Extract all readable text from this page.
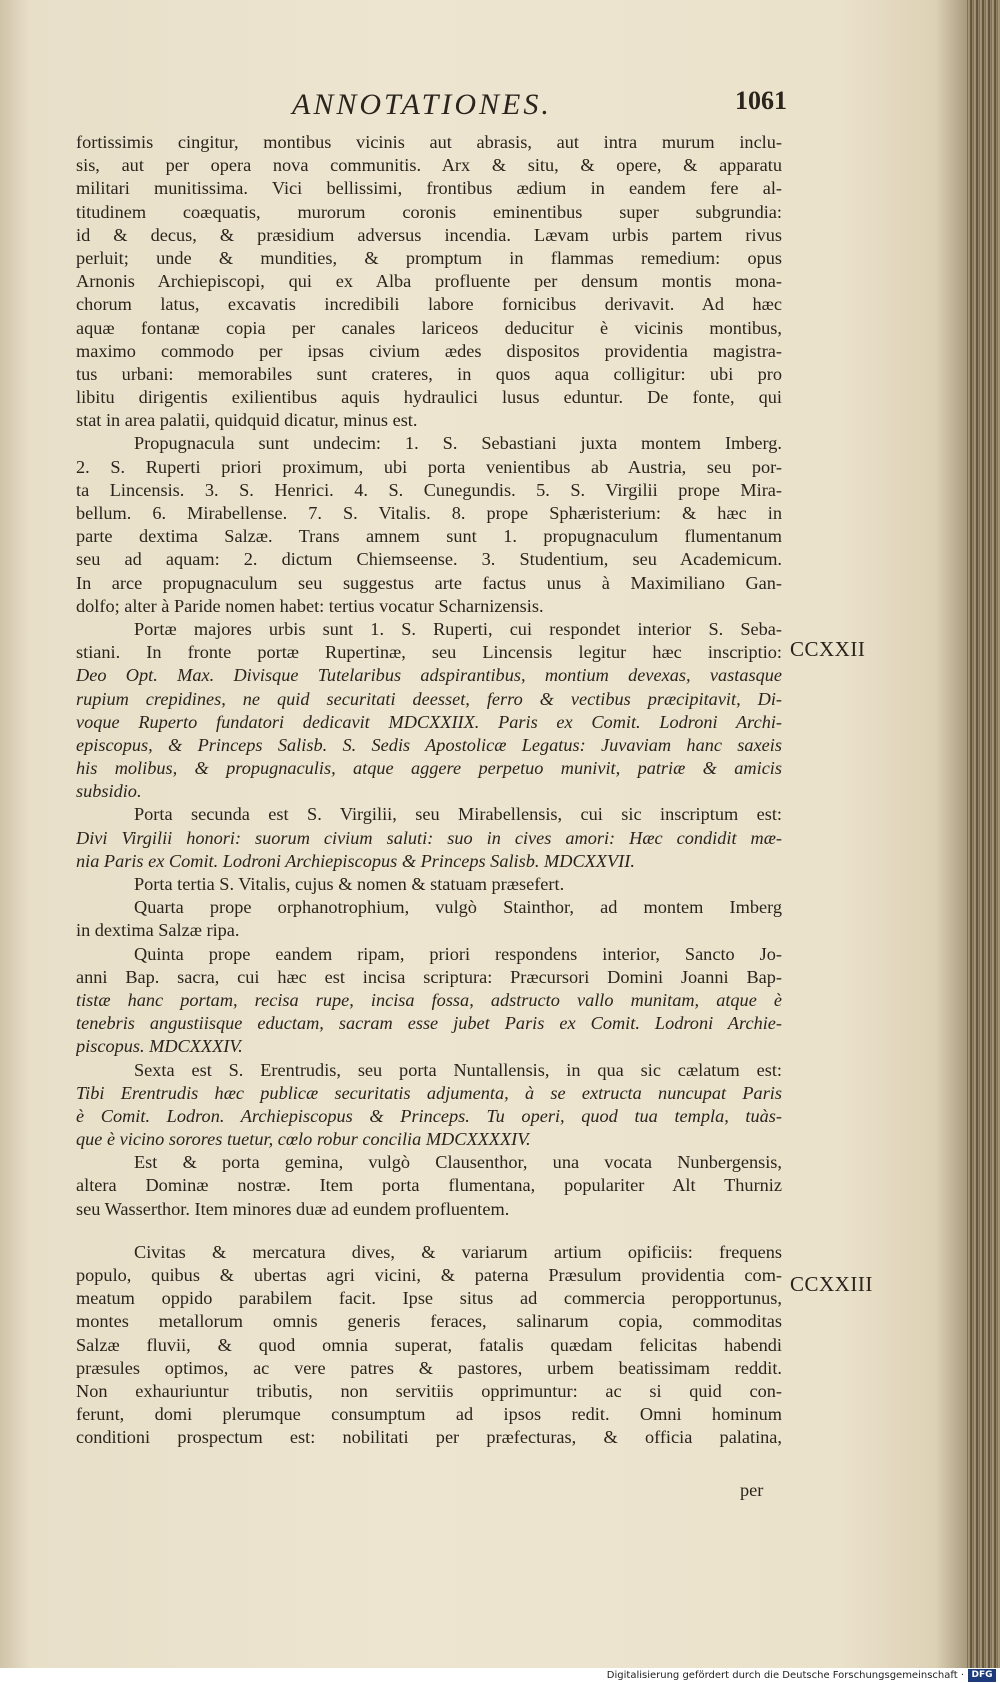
ANNOTATIONES.	1061
fortissimis cingitur, montibus vicinis aut abrasis, aut intra murum inclu-
sis, aut per opera nova communitis. Arx & situ, & opere, & apparatu
militari munitissima. Vici bellissimi, frontibus ædium in eandem fere al-
titudinem coæquatis, murorum coronis eminentibus super subgrundia:
id & decus, & præsidium adversus incendia. Lævam urbis partem rivus
perluit; unde & munditіes, & promptum in flammas remedium: opus
Arnonis Archiepiscopi, qui ex Alba profluente per densum montis mona-
chorum latus, excavatis incredibili labore fornicibus derivavit. Ad hæc
aquæ fontanæ copia per canales lariceos deducitur è vicinis montibus,
maximo commodo per ipsas civium ædes dispositos providentia magistra-
tus urbani: memorabiles sunt crateres, in quos aqua colligitur: ubi pro
libitu dirigentis exilientibus aquis hydraulici lusus eduntur. De fonte, qui
stat in area palatii, quidquid dicatur, minus est.
Propugnacula sunt undecim: 1. S. Sebastiani juxta montem Imberg.
2. S. Ruperti priori proximum, ubi porta venientibus ab Austria, seu por-
ta Lincensis. 3. S. Henrici. 4. S. Cunegundis. 5. S. Virgilii prope Mira-
bellum. 6. Mirabellense. 7. S. Vitalis. 8. prope Sphæristerium: & hæc in
parte dextima Salzæ. Trans amnem sunt 1. propugnaculum flumentanum
seu ad aquam: 2. dictum Chiemseense. 3. Studentium, seu Academicum.
In arce propugnaculum seu suggestus arte factus unus à Maximiliano Gan-
dolfo; alter à Paride nomen habet: tertius vocatur Scharnizensis.
Portæ majores urbis sunt 1. S. Ruperti, cui respondet interior S. Seba-
stiani. In fronte portæ Rupertinæ, seu Lincensis legitur hæc inscriptio:
Deo Opt. Max. Divisque Tutelaribus adspirantibus, montium devexas, vastasque
rupium crepidines, ne quid securitati deesset, ferro & vectibus præcipitavit, Di-
voque Ruperto fundatori dedicavit MDCXXIIX. Paris ex Comit. Lodroni Archi-
episcopus, & Princeps Salisb. S. Sedis Apostolicæ Legatus: Juvaviam hanc saxeis
his molibus, & propugnaculis, atque aggere perpetuo munivit, patriæ & amicis
subsidio.
Porta secunda est S. Virgilii, seu Mirabellensis, cui sic inscriptum est:
Divi Virgilii honori: suorum civium saluti: suo in cives amori: Hæc condidit mæ-
nia Paris ex Comit. Lodroni Archiepiscopus & Princeps Salisb. MDCXXVII.
Porta tertia S. Vitalis, cujus & nomen & statuam præsefert.
Quarta prope orphanotrophium, vulgò Stainthor, ad montem Imberg
in dextima Salzæ ripa.
Quinta prope eandem ripam, priori respondens interior, Sancto Jo-
anni Bap. sacra, cui hæc est incisa scriptura: Præcursori Domini Joanni Bap-
tistæ hanc portam, recisa rupe, incisa fossa, adstructo vallo munitam, atque è
tenebris angustiisque eductam, sacram esse jubet Paris ex Comit. Lodroni Archie-
piscopus. MDCXXXIV.
Sexta est S. Erentrudis, seu porta Nuntallensis, in qua sic cælatum est:
Tibi Erentrudis hæc publicæ securitatis adjumenta, à se extructa nuncupat Paris
è Comit. Lodron. Archiepiscopus & Princeps. Tu operi, quod tua templa, tuàs-
que è vicino sorores tuetur, cœlo robur concilia MDCXXXXIV.
Est & porta gemina, vulgò Clausenthor, una vocata Nunbergensis,
altera Dominæ nostræ. Item porta flumentana, populariter Alt Thurniz
seu Wasserthor. Item minores duæ ad eundem profluentem.
Civitas & mercatura dives, & variarum artium opificiis: frequens
populo, quibus & ubertas agri vicini, & paterna Præsulum providentia com-
meatum oppido parabilem facit. Ipse situs ad commercia peropportunus,
montes metallorum omnis generis feraces, salinarum copia, commoditas
Salzæ fluvii, & quod omnia superat, fatalis quædam felicitas habendi
præsules optimos, ac vere patres & pastores, urbem beatissimam reddit.
Non exhauriuntur tributis, non servitiis opprimuntur: ac si quid con-
ferunt, domi plerumque consumptum ad ipsos redit. Omni hominum
conditioni prospectum est: nobilitati per præfecturas, & officia palatina,
CCXXII
CCXXIII
per
Digitalisierung gefördert durch die Deutsche Forschungsgemeinschaft · DFG
